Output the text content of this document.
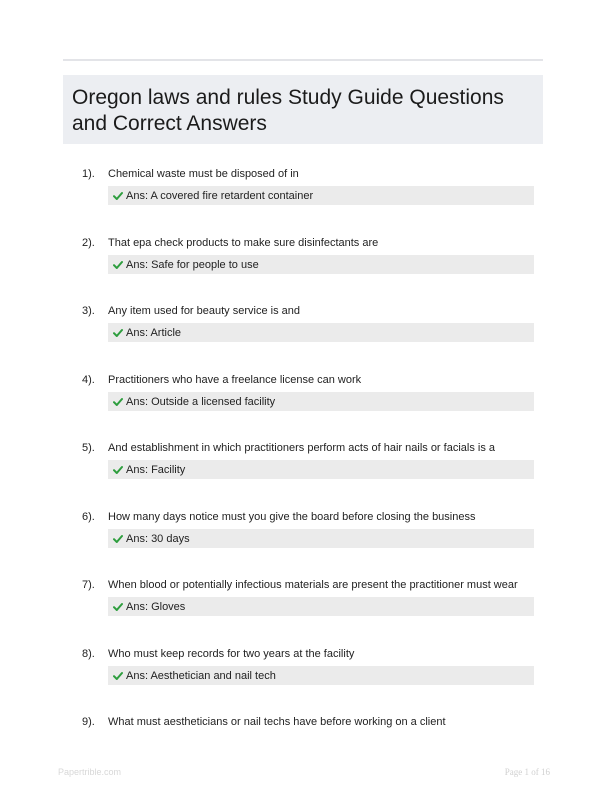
Oregon laws and rules Study Guide Questions and Correct Answers
1). Chemical waste must be disposed of in
Ans: A covered fire retardent container
2). That epa check products to make sure disinfectants are
Ans: Safe for people to use
3). Any item used for beauty service is and
Ans: Article
4). Practitioners who have a freelance license can work
Ans: Outside a licensed facility
5). And establishment in which practitioners perform acts of hair nails or facials is a
Ans: Facility
6). How many days notice must you give the board before closing the business
Ans: 30 days
7). When blood or potentially infectious materials are present the practitioner must wear
Ans: Gloves
8). Who must keep records for two years at the facility
Ans: Aesthetician and nail tech
9). What must aestheticians or nail techs have before working on a client
Papertrible.com	Page 1 of 16
